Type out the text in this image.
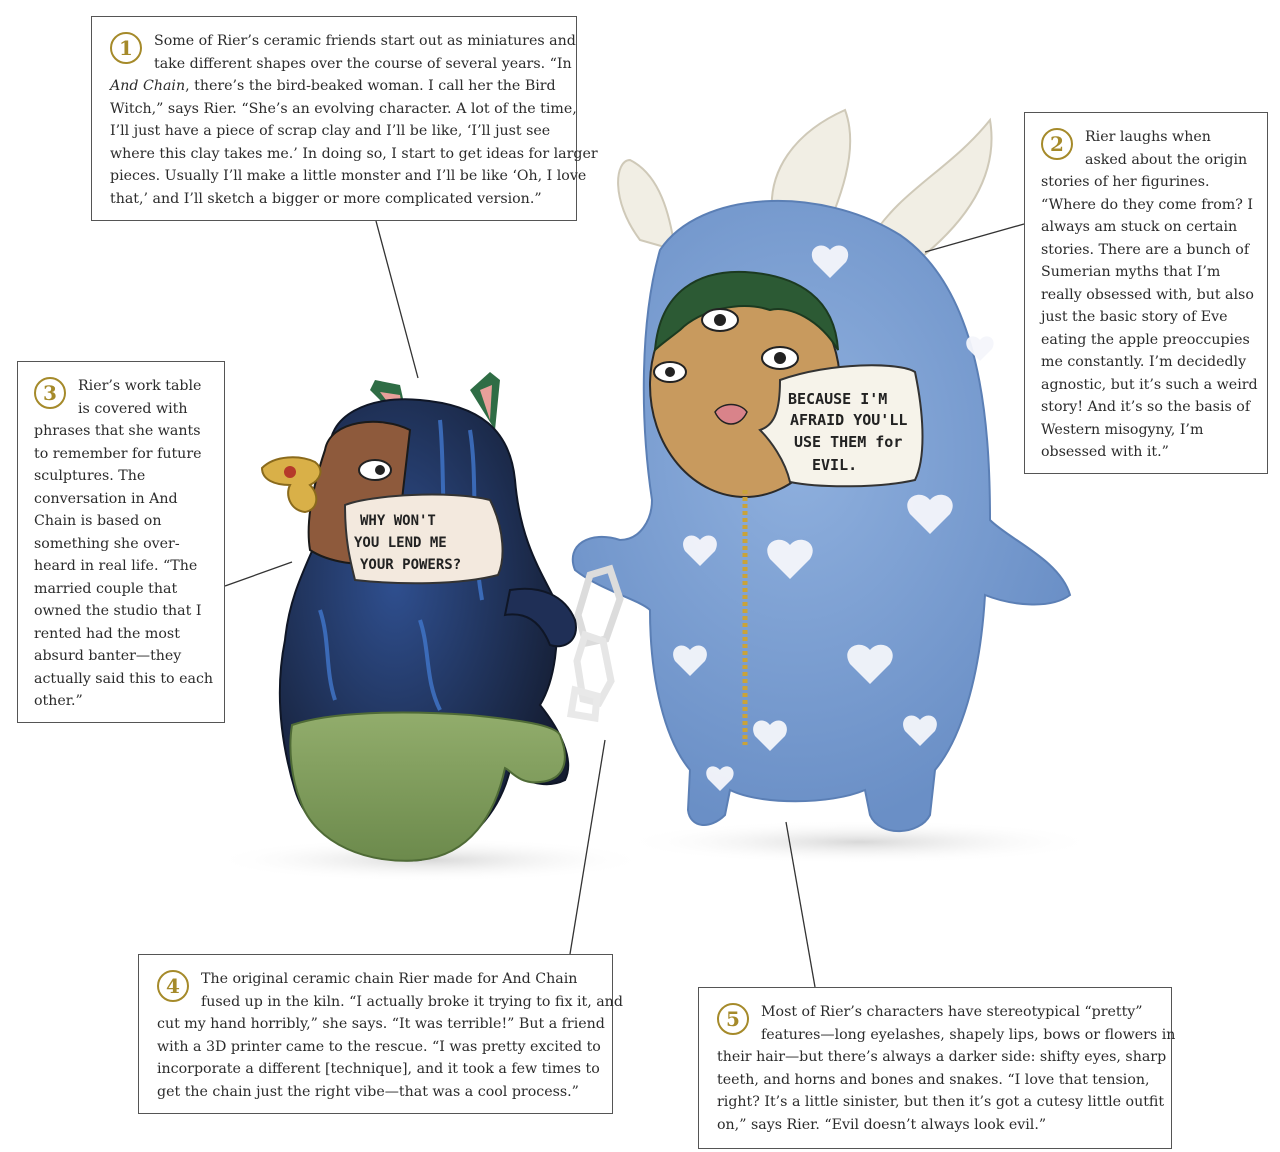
BECAUSE I'M
AFRAID YOU'LL
USE THEM for
EVIL.
WHY WON'T
YOU LEND ME
YOUR POWERS?
1	Some of Rier’s ceramic friends start out as miniatures and
take different shapes over the course of several years. “In
And Chain, there’s the bird-beaked woman. I call her the Bird
Witch,” says Rier. “She’s an evolving character. A lot of the time,
I’ll just have a piece of scrap clay and I’ll be like, ‘I’ll just see
where this clay takes me.’ In doing so, I start to get ideas for larger
pieces. Usually I’ll make a little monster and I’ll be like ‘Oh, I love
that,’ and I’ll sketch a bigger or more complicated version.”
2	Rier laughs when
asked about the origin
stories of her figurines.
“Where do they come from? I
always am stuck on certain
stories. There are a bunch of
Sumerian myths that I’m
really obsessed with, but also
just the basic story of Eve
eating the apple preoccupies
me constantly. I’m decidedly
agnostic, but it’s such a weird
story! And it’s so the basis of
Western misogyny, I’m
obsessed with it.”
3	Rier’s work table
is covered with
phrases that she wants
to remember for future
sculptures. The
conversation in And
Chain is based on
something she over-
heard in real life. “The
married couple that
owned the studio that I
rented had the most
absurd banter—they
actually said this to each
other.”
4	The original ceramic chain Rier made for And Chain
fused up in the kiln. “I actually broke it trying to fix it, and
cut my hand horribly,” she says. “It was terrible!” But a friend
with a 3D printer came to the rescue. “I was pretty excited to
incorporate a different [technique], and it took a few times to
get the chain just the right vibe—that was a cool process.”
5	Most of Rier’s characters have stereotypical “pretty”
features—long eyelashes, shapely lips, bows or flowers in
their hair—but there’s always a darker side: shifty eyes, sharp
teeth, and horns and bones and snakes. “I love that tension,
right? It’s a little sinister, but then it’s got a cutesy little outfit
on,” says Rier. “Evil doesn’t always look evil.”
